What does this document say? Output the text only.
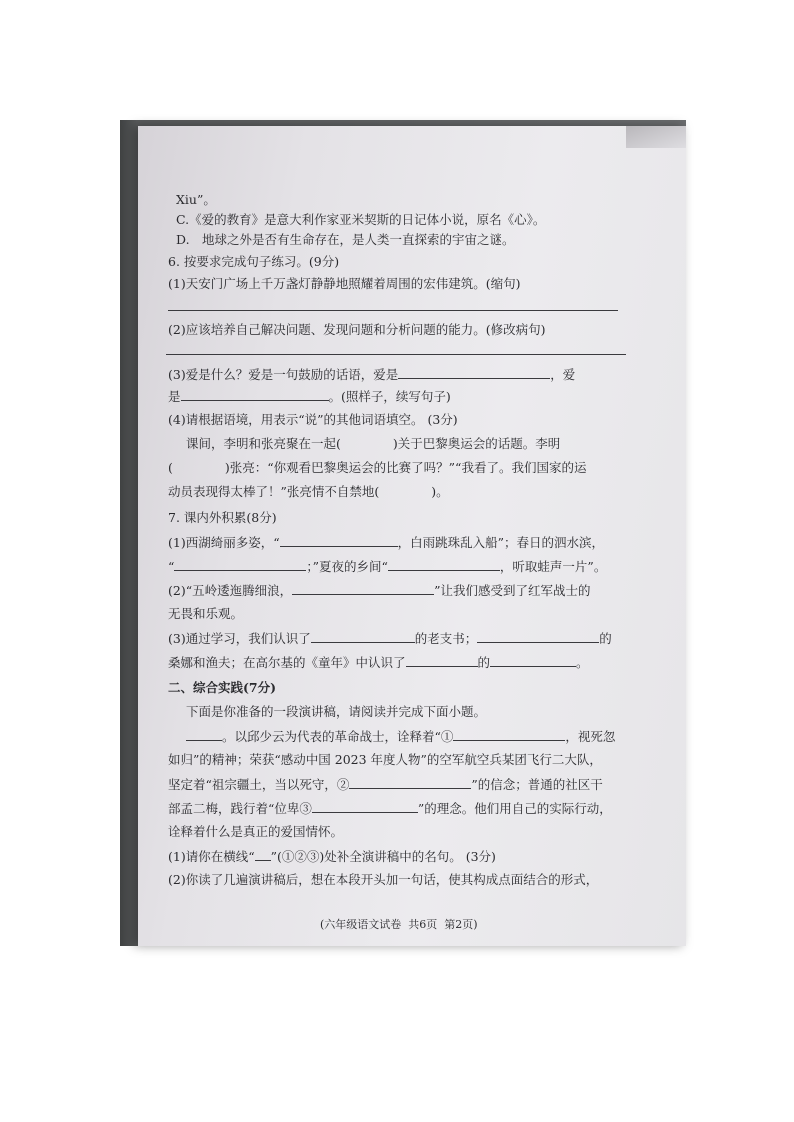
Xiu”。
C.《爱的教育》是意大利作家亚米契斯的日记体小说，原名《心》。
D.　地球之外是否有生命存在，是人类一直探索的宇宙之谜。
6. 按要求完成句子练习。(9分)
(1)天安门广场上千万盏灯静静地照耀着周围的宏伟建筑。(缩句)
(2)应该培养自己解决问题、发现问题和分析问题的能力。(修改病句)
(3)爱是什么？爱是一句鼓励的话语，爱是	，爱
是	。(照样子，续写句子)
(4)请根据语境，用表示“说”的其他词语填空。 (3分)
课间，李明和张亮聚在一起(	)关于巴黎奥运会的话题。李明
(	)张亮：“你观看巴黎奥运会的比赛了吗？”“我看了。我们国家的运
动员表现得太棒了！”张亮情不自禁地(	)。
7. 课内外积累(8分)
(1)西湖绮丽多姿，“	，白雨跳珠乱入船”；春日的泗水滨，
“	；”夏夜的乡间“	，听取蛙声一片”。
(2)“五岭逶迤腾细浪，	”让我们感受到了红军战士的
无畏和乐观。
(3)通过学习，我们认识了	的老支书；	的
桑娜和渔夫；在高尔基的《童年》中认识了	的	。
二、综合实践(7分)
下面是你准备的一段演讲稿，请阅读并完成下面小题。
。以邱少云为代表的革命战士，诠释着“①	，视死忽
如归”的精神；荣获“感动中国 2023 年度人物”的空军航空兵某团飞行二大队，
坚定着“祖宗疆土，当以死守，②	”的信念；普通的社区干
部孟二梅，践行着“位卑③	”的理念。他们用自己的实际行动，
诠释着什么是真正的爱国情怀。
(1)请你在横线“ ”(①②③)处补全演讲稿中的名句。 (3分)
(2)你读了几遍演讲稿后，想在本段开头加一句话，使其构成点面结合的形式，
(六年级语文试卷 共6页 第2页)
